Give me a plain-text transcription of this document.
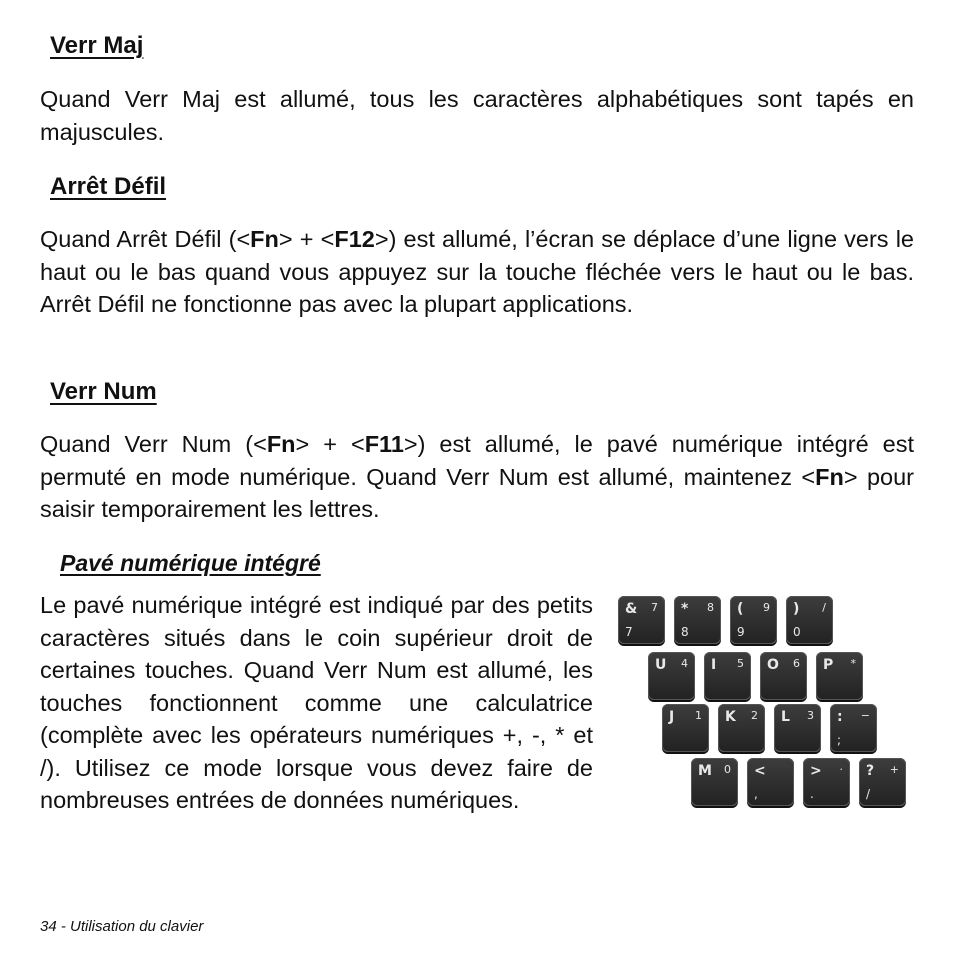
Verr Maj

Quand Verr Maj est allumé, tous les caractères alphabétiques sont tapés en majuscules.

Arrêt Défil

Quand Arrêt Défil (<Fn> + <F12>) est allumé, l’écran se déplace d’une ligne vers le haut ou le bas quand vous appuyez sur la touche fléchée vers le haut ou le bas. Arrêt Défil ne fonctionne pas avec la plupart applications.

Verr Num

Quand Verr Num (<Fn> + <F11>) est allumé, le pavé numérique intégré est permuté en mode numérique. Quand Verr Num est allumé, maintenez <Fn> pour saisir temporairement les lettres.

Pavé numérique intégré

Le pavé numérique intégré est indiqué par des petits caractères situés dans le coin supérieur droit de certaines touches. Quand Verr Num est allumé, les touches fonctionnent comme une calculatrice (complète avec les opérateurs numériques +, -, * et /). Utilisez ce mode lorsque vous devez faire de nombreuses entrées de données numériques.

& 7
7
* 8
8
( 9
9
) /
0
U 4 I 5 O 6 P *
J 1 K 2 L 3 : −
;
M 0 <
,
> ·
.
? +
/

34 - Utilisation du clavier
